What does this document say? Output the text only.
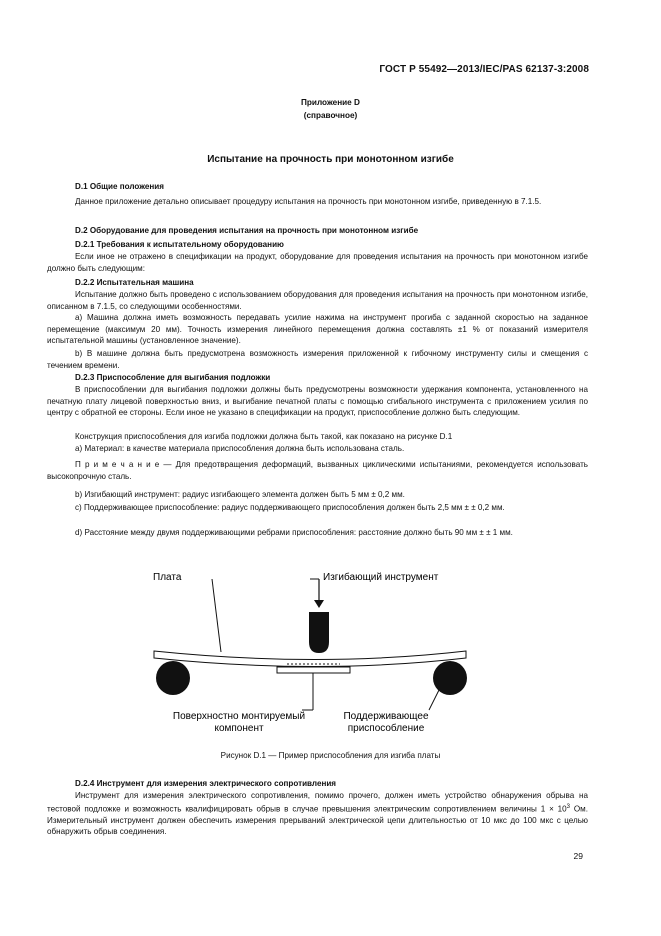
ГОСТ Р 55492—2013/IEC/PAS 62137-3:2008
Приложение D
(справочное)
Испытание на прочность при монотонном изгибе
D.1 Общие положения

Данное приложение детально описывает процедуру испытания на прочность при монотонном изгибе, приведенную в 7.1.5.

D.2 Оборудование для проведения испытания на прочность при монотонном изгибе
D.2.1 Требования к испытательному оборудованию

Если иное не отражено в спецификации на продукт, оборудование для проведения испытания на прочность при монотонном изгибе должно быть следующим:

D.2.2 Испытательная машина

Испытание должно быть проведено с использованием оборудования для проведения испытания на прочность при монотонном изгибе, описанном в 7.1.5, со следующими особенностями.

а) Машина должна иметь возможность передавать усилие нажима на инструмент прогиба с заданной скоростью на заданное перемещение (максимум 20 мм). Точность измерения линейного перемещения должна составлять ±1 % от показаний измерителя испытательной машины (установленное значение).

b) В машине должна быть предусмотрена возможность измерения приложенной к гибочному инструменту силы и смещения с течением времени.

D.2.3 Приспособление для выгибания подложки

В приспособлении для выгибания подложки должны быть предусмотрены возможности удержания компонента, установленного на печатную плату лицевой поверхностью вниз, и выгибание печатной платы с помощью сгибального инструмента с приложением усилия по центру с обратной ее стороны. Если иное не указано в спецификации на продукт, приспособление должно быть следующим.

Конструкция приспособления для изгиба подложки должна быть такой, как показано на рисунке D.1

а) Материал: в качестве материала приспособления должна быть использована сталь.

П р и м е ч а н и е — Для предотвращения деформаций, вызванных циклическими испытаниями, рекомендуется использовать высокопрочную сталь.

b) Изгибающий инструмент: радиус изгибающего элемента должен быть 5 мм ± 0,2 мм.

c) Поддерживающее приспособление: радиус поддерживающего приспособления должен быть 2,5 мм ± ± 0,2 мм.

d) Расстояние между двумя поддерживающими ребрами приспособления: расстояние должно быть 90 мм ± ± 1 мм.

Плата	Изгибающий инструмент
Поверхностно монтируемый
компонент
Поддерживающее
приспособление
Рисунок D.1 — Пример приспособления для изгиба платы
D.2.4 Инструмент для измерения электрического сопротивления

Инструмент для измерения электрического сопротивления, помимо прочего, должен иметь устройство обнаружения обрыва на тестовой подложке и возможность квалифицировать обрыв в случае превышения электрическим сопротивлением величины $1 \times 10^3$ Ом. Измерительный инструмент должен обеспечить измерения прерываний электрической цепи длительностью от 10 мкс до 100 мкс с целью обнаружить обрыв соединения.

29
